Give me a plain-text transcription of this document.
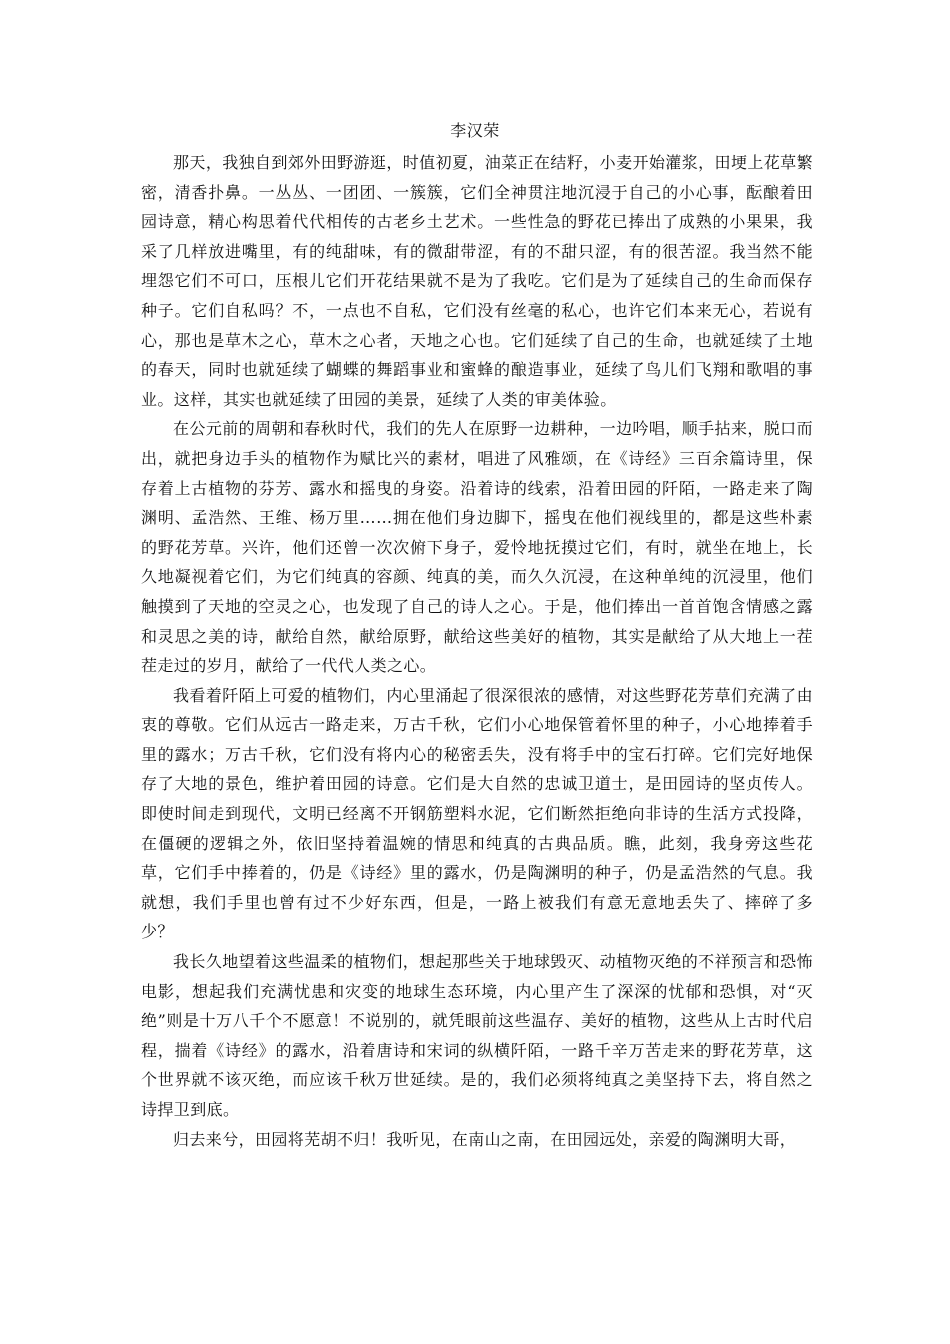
李汉荣

那天，我独自到郊外田野游逛，时值初夏，油菜正在结籽，小麦开始灌浆，田埂上花草繁密，清香扑鼻。一丛丛、一团团、一簇簇，它们全神贯注地沉浸于自己的小心事，酝酿着田园诗意，精心构思着代代相传的古老乡土艺术。一些性急的野花已捧出了成熟的小果果，我采了几样放进嘴里，有的纯甜味，有的微甜带涩，有的不甜只涩，有的很苦涩。我当然不能埋怨它们不可口，压根儿它们开花结果就不是为了我吃。它们是为了延续自己的生命而保存种子。它们自私吗？不，一点也不自私，它们没有丝毫的私心，也许它们本来无心，若说有心，那也是草木之心，草木之心者，天地之心也。它们延续了自己的生命，也就延续了土地的春天，同时也就延续了蝴蝶的舞蹈事业和蜜蜂的酿造事业，延续了鸟儿们飞翔和歌唱的事业。这样，其实也就延续了田园的美景，延续了人类的审美体验。

在公元前的周朝和春秋时代，我们的先人在原野一边耕种，一边吟唱，顺手拈来，脱口而出，就把身边手头的植物作为赋比兴的素材，唱进了风雅颂，在《诗经》三百余篇诗里，保存着上古植物的芬芳、露水和摇曳的身姿。沿着诗的线索，沿着田园的阡陌，一路走来了陶渊明、孟浩然、王维、杨万里……拥在他们身边脚下，摇曳在他们视线里的，都是这些朴素的野花芳草。兴许，他们还曾一次次俯下身子，爱怜地抚摸过它们，有时，就坐在地上，长久地凝视着它们，为它们纯真的容颜、纯真的美，而久久沉浸，在这种单纯的沉浸里，他们触摸到了天地的空灵之心，也发现了自己的诗人之心。于是，他们捧出一首首饱含情感之露和灵思之美的诗，献给自然，献给原野，献给这些美好的植物，其实是献给了从大地上一茬茬走过的岁月，献给了一代代人类之心。

我看着阡陌上可爱的植物们，内心里涌起了很深很浓的感情，对这些野花芳草们充满了由衷的尊敬。它们从远古一路走来，万古千秋，它们小心地保管着怀里的种子，小心地捧着手里的露水；万古千秋，它们没有将内心的秘密丢失，没有将手中的宝石打碎。它们完好地保存了大地的景色，维护着田园的诗意。它们是大自然的忠诚卫道士，是田园诗的坚贞传人。即使时间走到现代，文明已经离不开钢筋塑料水泥，它们断然拒绝向非诗的生活方式投降，在僵硬的逻辑之外，依旧坚持着温婉的情思和纯真的古典品质。瞧，此刻，我身旁这些花草，它们手中捧着的，仍是《诗经》里的露水，仍是陶渊明的种子，仍是孟浩然的气息。我就想，我们手里也曾有过不少好东西，但是，一路上被我们有意无意地丢失了、摔碎了多少？

我长久地望着这些温柔的植物们，想起那些关于地球毁灭、动植物灭绝的不祥预言和恐怖电影，想起我们充满忧患和灾变的地球生态环境，内心里产生了深深的忧郁和恐惧，对“灭绝”则是十万八千个不愿意！不说别的，就凭眼前这些温存、美好的植物，这些从上古时代启程，揣着《诗经》的露水，沿着唐诗和宋词的纵横阡陌，一路千辛万苦走来的野花芳草，这个世界就不该灭绝，而应该千秋万世延续。是的，我们必须将纯真之美坚持下去，将自然之诗捍卫到底。

归去来兮，田园将芜胡不归！我听见，在南山之南，在田园远处，亲爱的陶渊明大哥，
